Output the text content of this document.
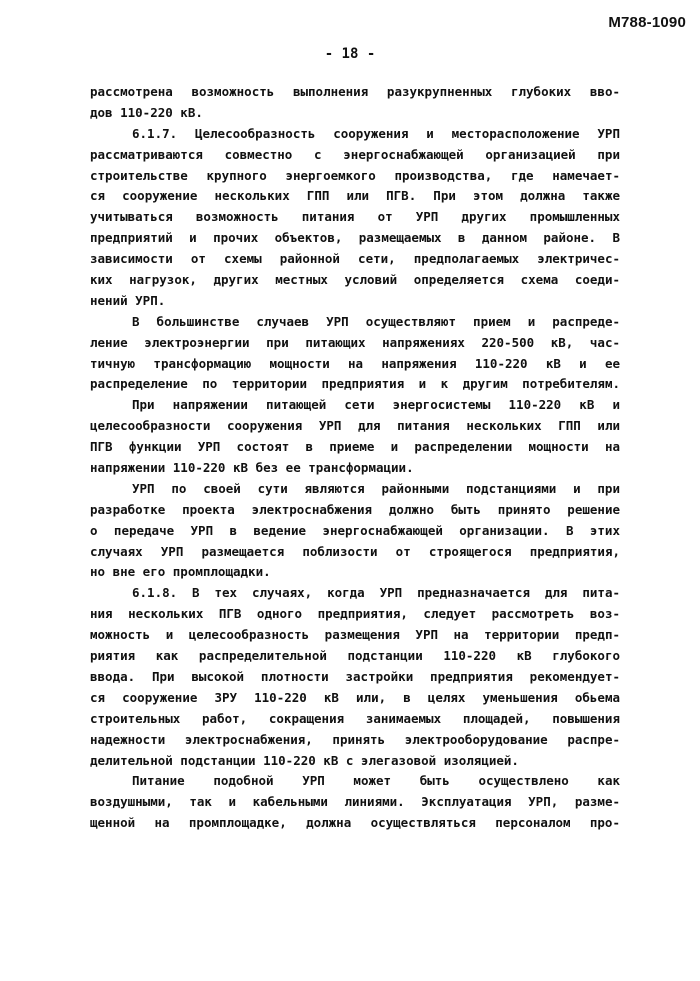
M788-1090
- 18 -
рассмотрена возможность выполнения разукрупненных глубоких вво-
дов 110-220 кВ.
6.1.7. Целесообразность сооружения и месторасположение УРП
рассматриваются совместно с энергоснабжающей организацией при
строительстве крупного энергоемкого производства, где намечает-
ся сооружение нескольких ГПП или ПГВ. При этом должна также
учитываться возможность питания от УРП других промышленных
предприятий и прочих объектов, размещаемых в данном районе. В
зависимости от схемы районной сети, предполагаемых электричес-
ких нагрузок, других местных условий определяется схема соеди-
нений УРП.
В большинстве случаев УРП осуществляют прием и распреде-
ление электроэнергии при питающих напряжениях 220-500 кВ, час-
тичную трансформацию мощности на напряжения 110-220 кВ и ее
распределение по территории предприятия и к другим потребителям.
При напряжении питающей сети энергосистемы 110-220 кВ и
целесообразности сооружения УРП для питания нескольких ГПП или
ПГВ функции УРП состоят в приеме и распределении мощности на
напряжении 110-220 кВ без ее трансформации.
УРП по своей сути являются районными подстанциями и при
разработке проекта электроснабжения должно быть принято решение
о передаче УРП в ведение энергоснабжающей организации. В этих
случаях УРП размещается поблизости от строящегося предприятия,
но вне его промплощадки.
6.1.8. В тех случаях, когда УРП предназначается для пита-
ния нескольких ПГВ одного предприятия, следует рассмотреть воз-
можность и целесообразность размещения УРП на территории предп-
риятия как распределительной подстанции 110-220 кВ глубокого
ввода. При высокой плотности застройки предприятия рекомендует-
ся сооружение ЗРУ 110-220 кВ или, в целях уменьшения обьема
строительных работ, сокращения занимаемых площадей, повышения
надежности электроснабжения, принять электрооборудование распре-
делительной подстанции 110-220 кВ с элегазовой изоляцией.
Питание подобной УРП может быть осуществлено как
воздушными, так и кабельными линиями. Эксплуатация УРП, разме-
щенной на промплощадке, должна осуществляться персоналом про-
